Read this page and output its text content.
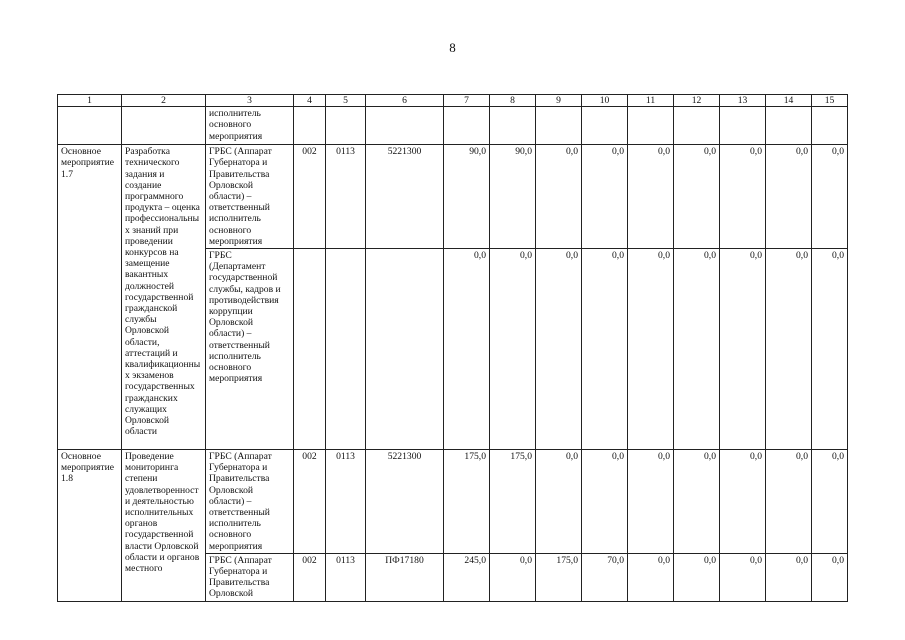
8
1	2	3	4	5	6	7	8	9	10	11	12	13	14	15
		исполнитель основного мероприятия												
Основное мероприятие 1.7	Разработка технического задания и создание программного продукта – оценка профессиональных знаний при проведении конкурсов на замещение вакантных должностей государственной гражданской службы Орловской области, аттестаций и квалификационных экзаменов государственных гражданских служащих Орловской области	ГРБС (Аппарат Губернатора и Правительства Орловской области) – ответственный исполнитель основного мероприятия	002	0113	5221300	90,0	90,0	0,0	0,0	0,0	0,0	0,0	0,0	0,0
		ГРБС (Департамент государственной службы, кадров и противодействия коррупции Орловской области) – ответственный исполнитель основного мероприятия				0,0	0,0	0,0	0,0	0,0	0,0	0,0	0,0	0,0
Основное мероприятие 1.8	Проведение мониторинга степени удовлетворенности деятельностью исполнительных органов государственной власти Орловской области и органов местного	ГРБС (Аппарат Губернатора и Правительства Орловской области) – ответственный исполнитель основного мероприятия	002	0113	5221300	175,0	175,0	0,0	0,0	0,0	0,0	0,0	0,0	0,0
		ГРБС (Аппарат Губернатора и Правительства Орловской	002	0113	ПФ17180	245,0	0,0	175,0	70,0	0,0	0,0	0,0	0,0	0,0
